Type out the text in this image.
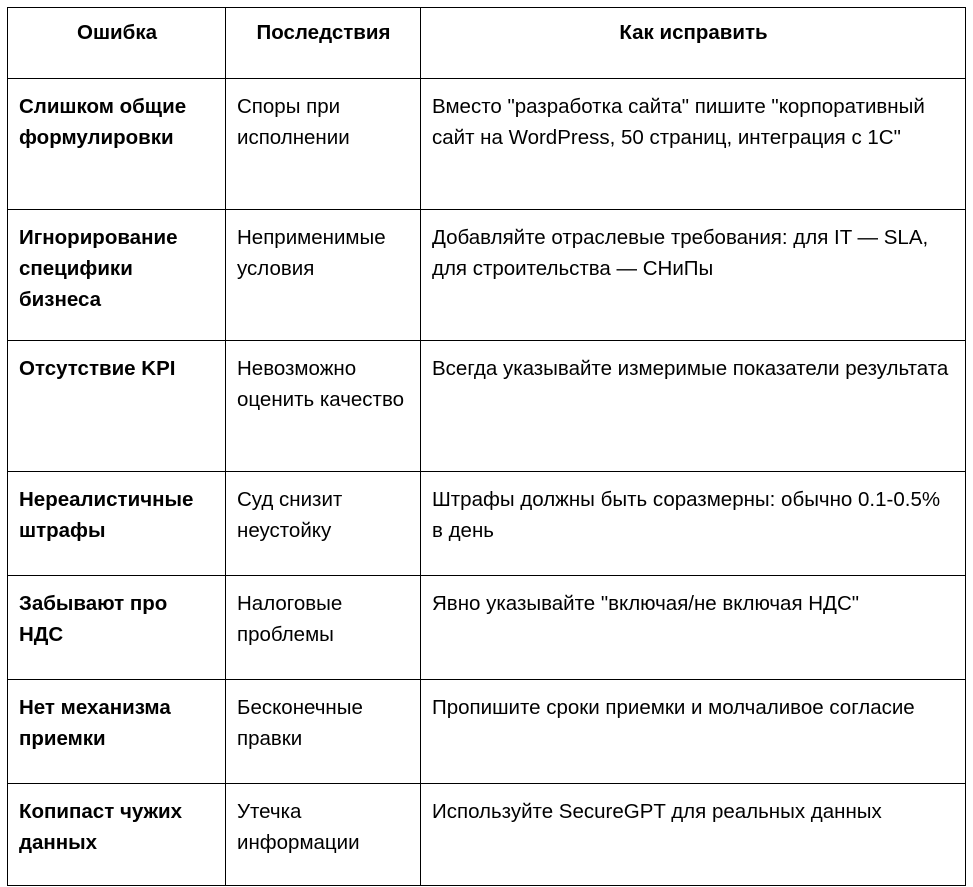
Ошибка	Последствия	Как исправить
Слишком общие формулировки	Споры при исполнении	Вместо "разработка сайта" пишите "корпоративный сайт на WordPress, 50 страниц, интеграция с 1С"
Игнорирование специфики бизнеса	Неприменимые условия	Добавляйте отраслевые требования: для IT — SLA, для строительства — СНиПы
Отсутствие KPI	Невозможно оценить качество	Всегда указывайте измеримые показатели результата
Нереалистичные штрафы	Суд снизит неустойку	Штрафы должны быть соразмерны: обычно 0.1-0.5% в день
Забывают про НДС	Налоговые проблемы	Явно указывайте "включая/не включая НДС"
Нет механизма приемки	Бесконечные правки	Пропишите сроки приемки и молчаливое согласие
Копипаст чужих данных	Утечка информации	Используйте SecureGPT для реальных данных
